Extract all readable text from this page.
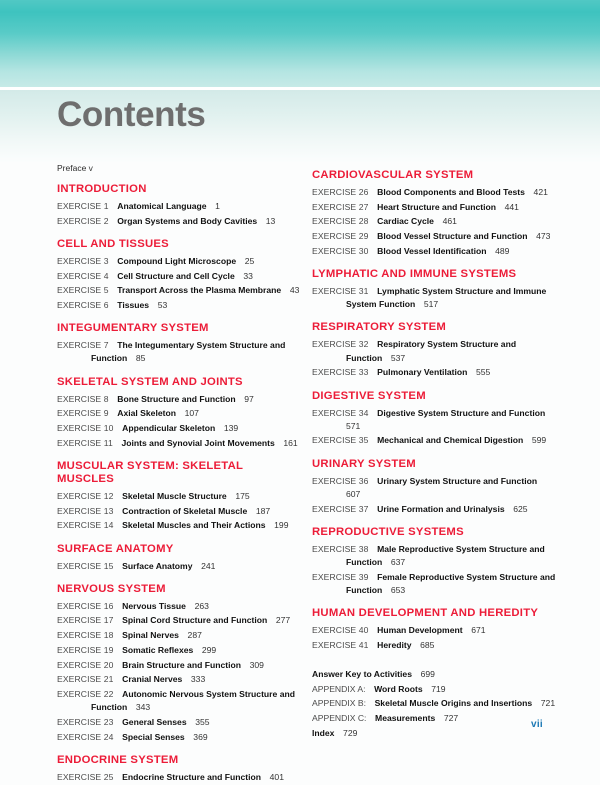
Contents

Preface v

INTRODUCTION

EXERCISE 1   Anatomical Language   1

EXERCISE 2   Organ Systems and Body Cavities   13

CELL AND TISSUES

EXERCISE 3   Compound Light Microscope   25

EXERCISE 4   Cell Structure and Cell Cycle   33

EXERCISE 5   Transport Across the Plasma Membrane   43

EXERCISE 6   Tissues   53

INTEGUMENTARY SYSTEM

EXERCISE 7   The Integumentary System Structure and Function   85

SKELETAL SYSTEM AND JOINTS

EXERCISE 8   Bone Structure and Function   97

EXERCISE 9   Axial Skeleton   107

EXERCISE 10   Appendicular Skeleton   139

EXERCISE 11   Joints and Synovial Joint Movements   161

MUSCULAR SYSTEM: SKELETAL MUSCLES

EXERCISE 12   Skeletal Muscle Structure   175

EXERCISE 13   Contraction of Skeletal Muscle   187

EXERCISE 14   Skeletal Muscles and Their Actions   199

SURFACE ANATOMY

EXERCISE 15   Surface Anatomy   241

NERVOUS SYSTEM

EXERCISE 16   Nervous Tissue   263

EXERCISE 17   Spinal Cord Structure and Function   277

EXERCISE 18   Spinal Nerves   287

EXERCISE 19   Somatic Reflexes   299

EXERCISE 20   Brain Structure and Function   309

EXERCISE 21   Cranial Nerves   333

EXERCISE 22   Autonomic Nervous System Structure and Function   343

EXERCISE 23   General Senses   355

EXERCISE 24   Special Senses   369

ENDOCRINE SYSTEM

EXERCISE 25   Endocrine Structure and Function   401

CARDIOVASCULAR SYSTEM

EXERCISE 26   Blood Components and Blood Tests   421

EXERCISE 27   Heart Structure and Function   441

EXERCISE 28   Cardiac Cycle   461

EXERCISE 29   Blood Vessel Structure and Function   473

EXERCISE 30   Blood Vessel Identification   489

LYMPHATIC AND IMMUNE SYSTEMS

EXERCISE 31   Lymphatic System Structure and Immune System Function   517

RESPIRATORY SYSTEM

EXERCISE 32   Respiratory System Structure and Function   537

EXERCISE 33   Pulmonary Ventilation   555

DIGESTIVE SYSTEM

EXERCISE 34   Digestive System Structure and Function  571

EXERCISE 35   Mechanical and Chemical Digestion   599

URINARY SYSTEM

EXERCISE 36   Urinary System Structure and Function  607

EXERCISE 37   Urine Formation and Urinalysis   625

REPRODUCTIVE SYSTEMS

EXERCISE 38   Male Reproductive System Structure and Function   637

EXERCISE 39   Female Reproductive System Structure and Function   653

HUMAN DEVELOPMENT AND HEREDITY

EXERCISE 40   Human Development   671

EXERCISE 41   Heredity   685

Answer Key to Activities   699

APPENDIX A:   Word Roots   719

APPENDIX B:   Skeletal Muscle Origins and Insertions   721

APPENDIX C:   Measurements   727

Index   729

vii
